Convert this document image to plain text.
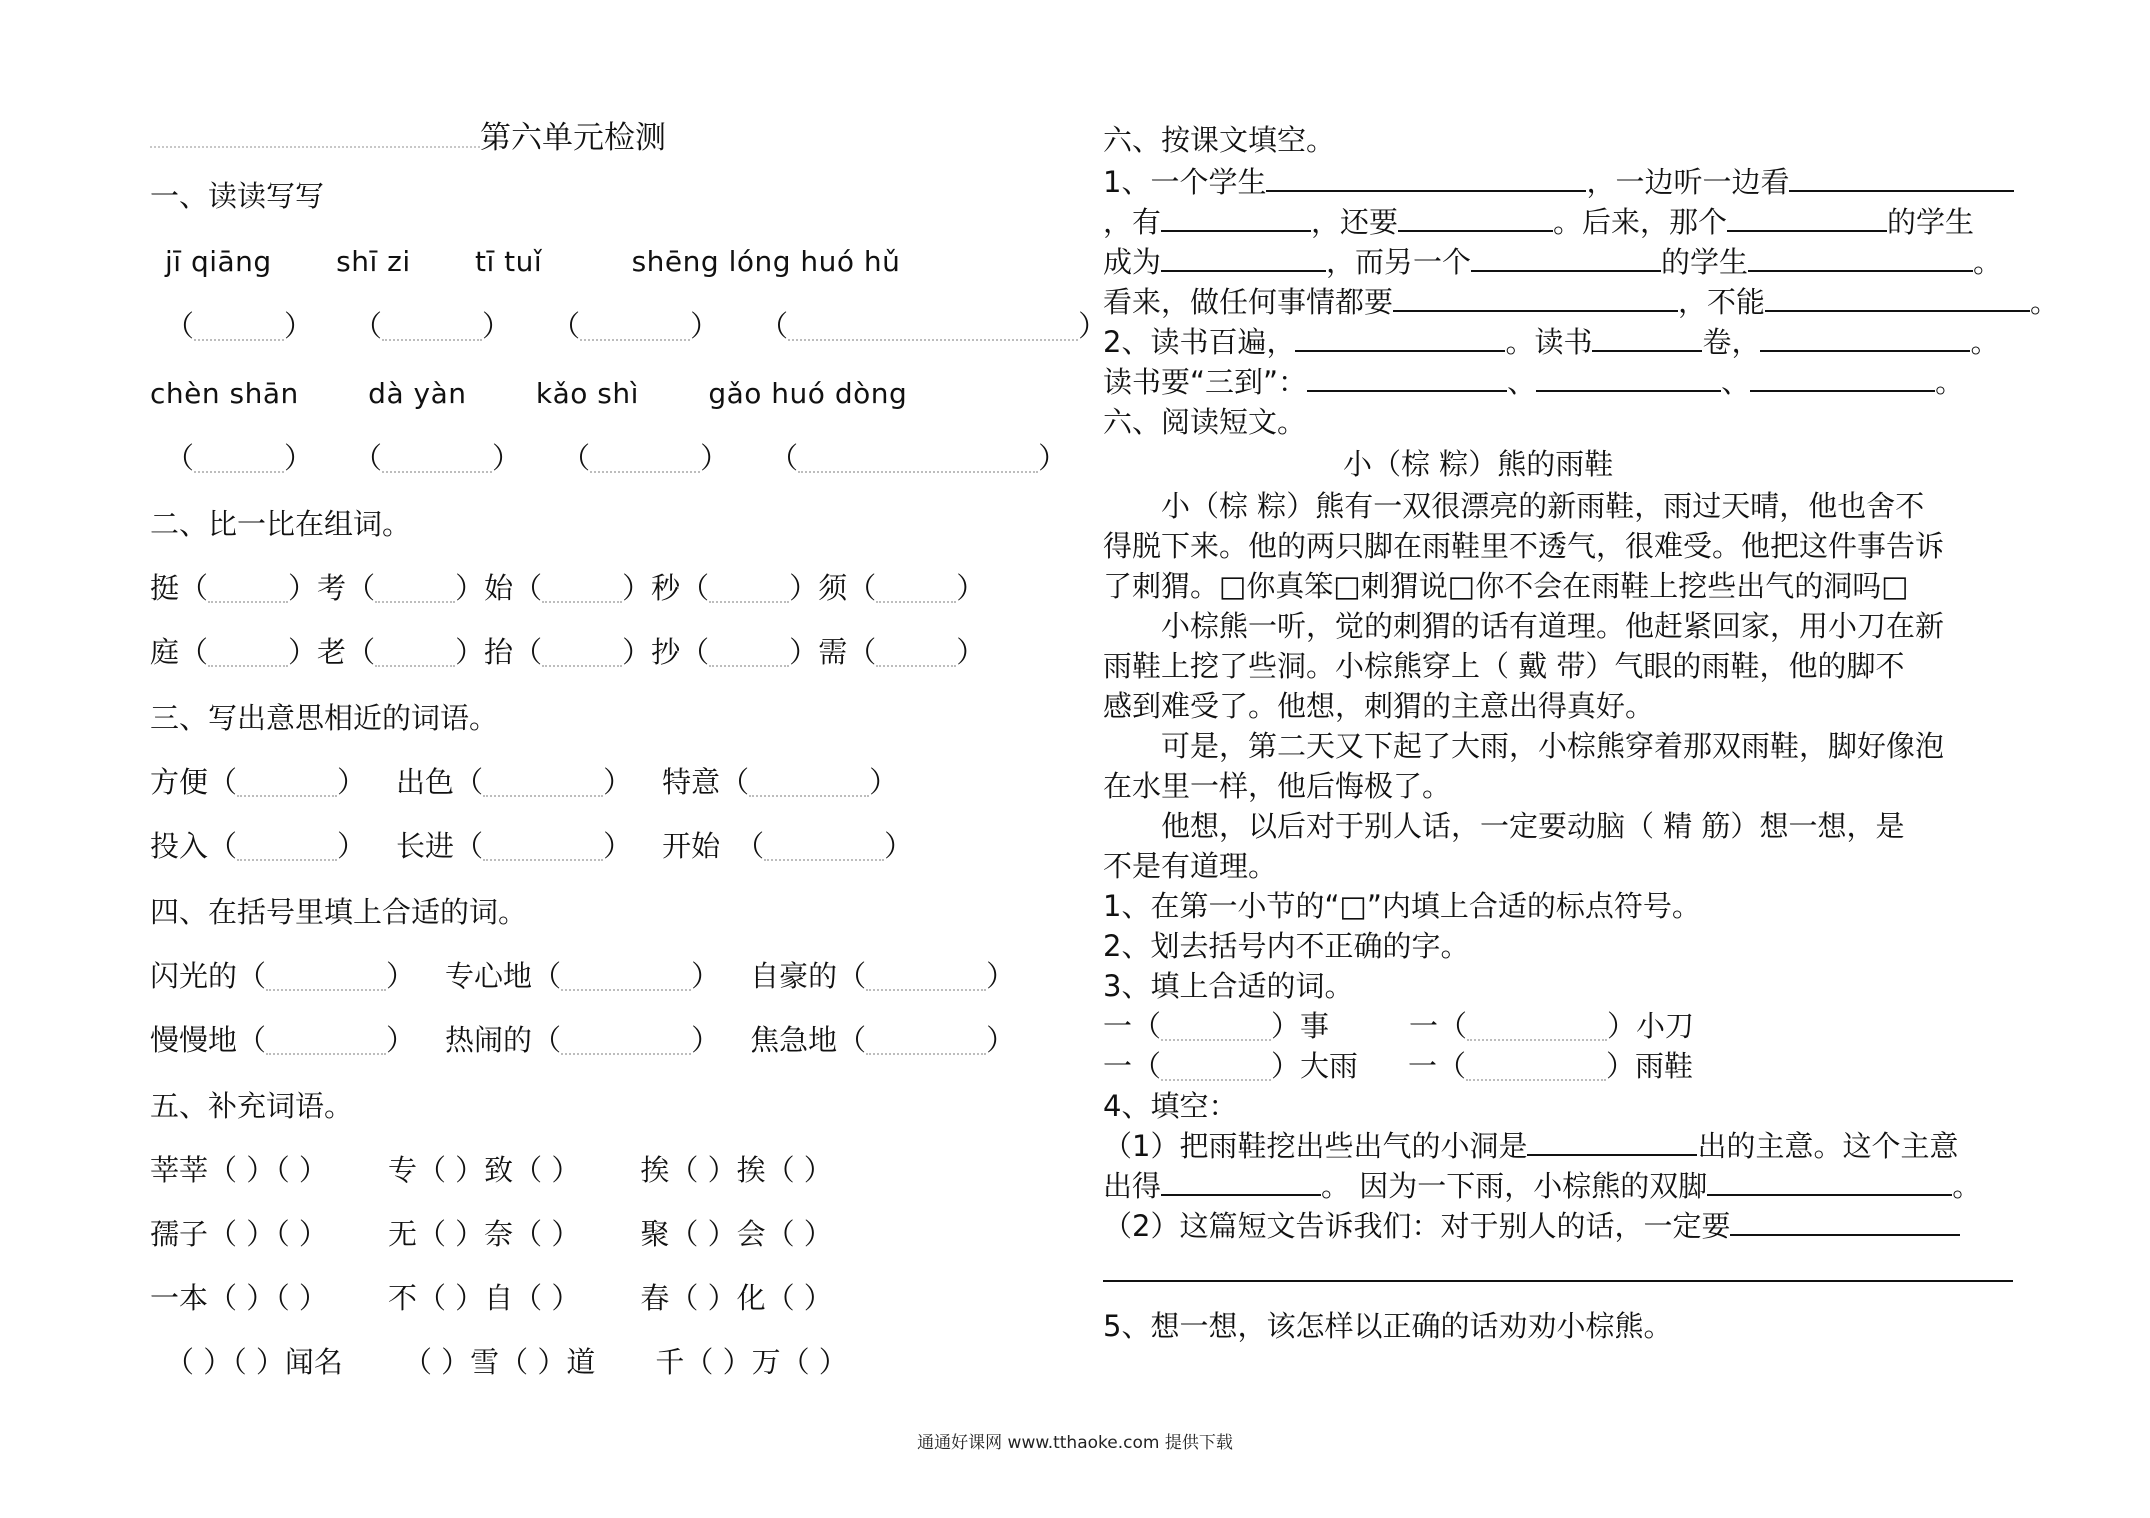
第六单元检测
一、读读写写
jī qiāng shī zi tī tuǐ	shēng lóng huó hǔ
（	） （	） （	） （	）
chèn shān dà yàn kǎo shì gǎo huó dòng
（	） （	） （	） （	）
二、比一比在组词。
挺（	）考（	）始（	）秒（	）须（	）
庭（	）老（	）抬（	）抄（	）需（	）
三、写出意思相近的词语。
方便（	） 出色（	） 特意（	）
投入（	） 长进（	） 开始 （	）
四、在括号里填上合适的词。
闪光的（	） 专心地（	） 自豪的（	）
慢慢地（	） 热闹的（	） 焦急地（	）
五、补充词语。
莘莘（ ）（ ） 专（ ）致（ ） 挨（ ）挨（ ）
孺子（ ）（ ） 无（ ）奈（ ） 聚（ ）会（ ）
一本（ ）（ ） 不（ ）自（ ） 春（ ）化（ ）
（ ）（ ）闻名 （ ）雪（ ）道 千（ ）万（ ）
六、按课文填空。
1、一个学生	，一边听一边看
，有	，还要	。后来，那个	的学生
成为	，而另一个	的学生	。
看来，做任何事情都要	，不能	。
2、读书百遍，	。读书	卷，	。
读书要“三到”：	、	、	。
六、阅读短文。
小（棕 粽）熊的雨鞋
小（棕 粽）熊有一双很漂亮的新雨鞋，雨过天晴，他也舍不
得脱下来。他的两只脚在雨鞋里不透气，很难受。他把这件事告诉
了刺猬。□你真笨□刺猬说□你不会在雨鞋上挖些出气的洞吗□
小棕熊一听，觉的刺猬的话有道理。他赶紧回家，用小刀在新
雨鞋上挖了些洞。小棕熊穿上（ 戴 带）气眼的雨鞋，他的脚不
感到难受了。他想，刺猬的主意出得真好。
可是，第二天又下起了大雨，小棕熊穿着那双雨鞋，脚好像泡
在水里一样，他后悔极了。
他想，以后对于别人话，一定要动脑（ 精 筋）想一想，是
不是有道理。
1、在第一小节的“□”内填上合适的标点符号。
2、划去括号内不正确的字。
3、填上合适的词。
一（	）事	一（	）小刀
一（	）大雨 一（	）雨鞋
4、填空：
（1）把雨鞋挖出些出气的小洞是	出的主意。这个主意
出得	。 因为一下雨，小棕熊的双脚	。
（2）这篇短文告诉我们：对于别人的话，一定要
5、想一想，该怎样以正确的话劝劝小棕熊。
通通好课网 www.tthaoke.com 提供下载
